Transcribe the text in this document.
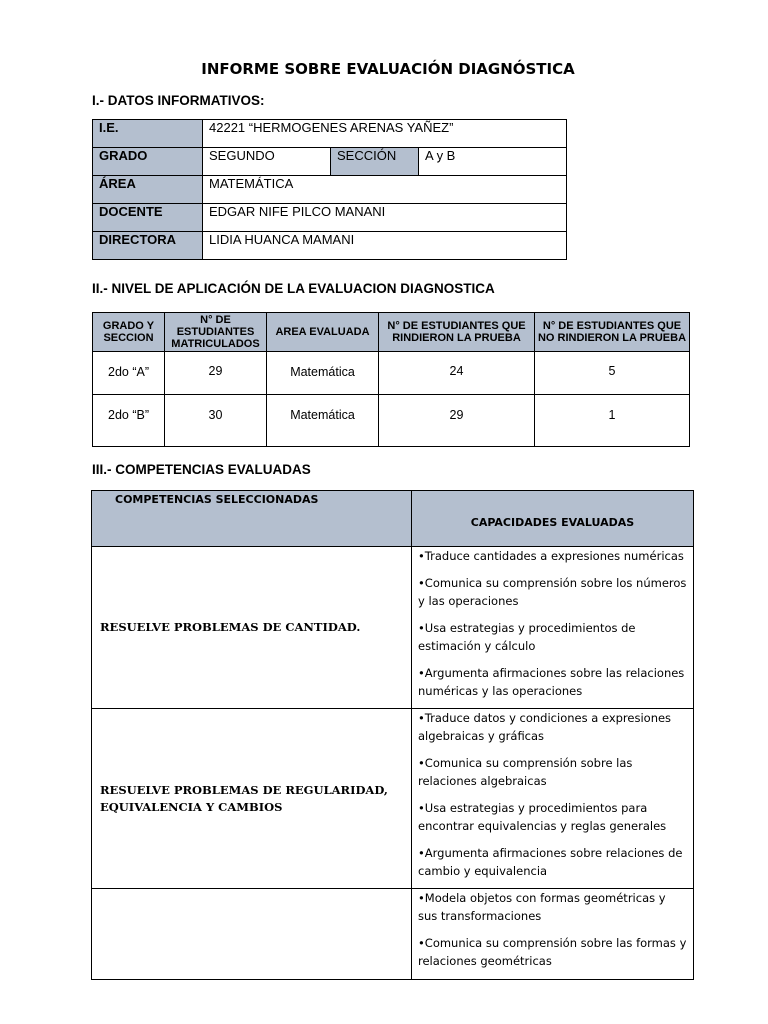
INFORME SOBRE EVALUACIÓN DIAGNÓSTICA
I.- DATOS INFORMATIVOS:
I.E.	42221 “HERMOGENES ARENAS YAÑEZ”		
GRADO	SEGUNDO	SECCIÓN	A y B
ÁREA	MATEMÁTICA		
DOCENTE	EDGAR NIFE PILCO MANANI		
DIRECTORA	LIDIA HUANCA MAMANI		
II.- NIVEL DE APLICACIÓN DE LA EVALUACION DIAGNOSTICA
GRADO Y SECCION	N° DE ESTUDIANTES MATRICULADOS	AREA EVALUADA	N° DE ESTUDIANTES QUE RINDIERON LA PRUEBA	N° DE ESTUDIANTES QUE NO RINDIERON LA PRUEBA
2do “A”	29	Matemática	24	5
2do “B”	30	Matemática	29	1
III.- COMPETENCIAS EVALUADAS
COMPETENCIAS SELECCIONADAS	CAPACIDADES EVALUADAS
RESUELVE PROBLEMAS DE CANTIDAD.	•Traduce cantidades a expresiones numéricas

•Comunica su comprensión sobre los números y las operaciones

•Usa estrategias y procedimientos de estimación y cálculo

•Argumenta afirmaciones sobre las relaciones numéricas y las operaciones

RESUELVE PROBLEMAS DE REGULARIDAD, EQUIVALENCIA Y CAMBIOS	•Traduce datos y condiciones a expresiones algebraicas y gráficas

•Comunica su comprensión sobre las relaciones algebraicas

•Usa estrategias y procedimientos para encontrar equivalencias y reglas generales

•Argumenta afirmaciones sobre relaciones de cambio y equivalencia

	•Modela objetos con formas geométricas y sus transformaciones

•Comunica su comprensión sobre las formas y relaciones geométricas
